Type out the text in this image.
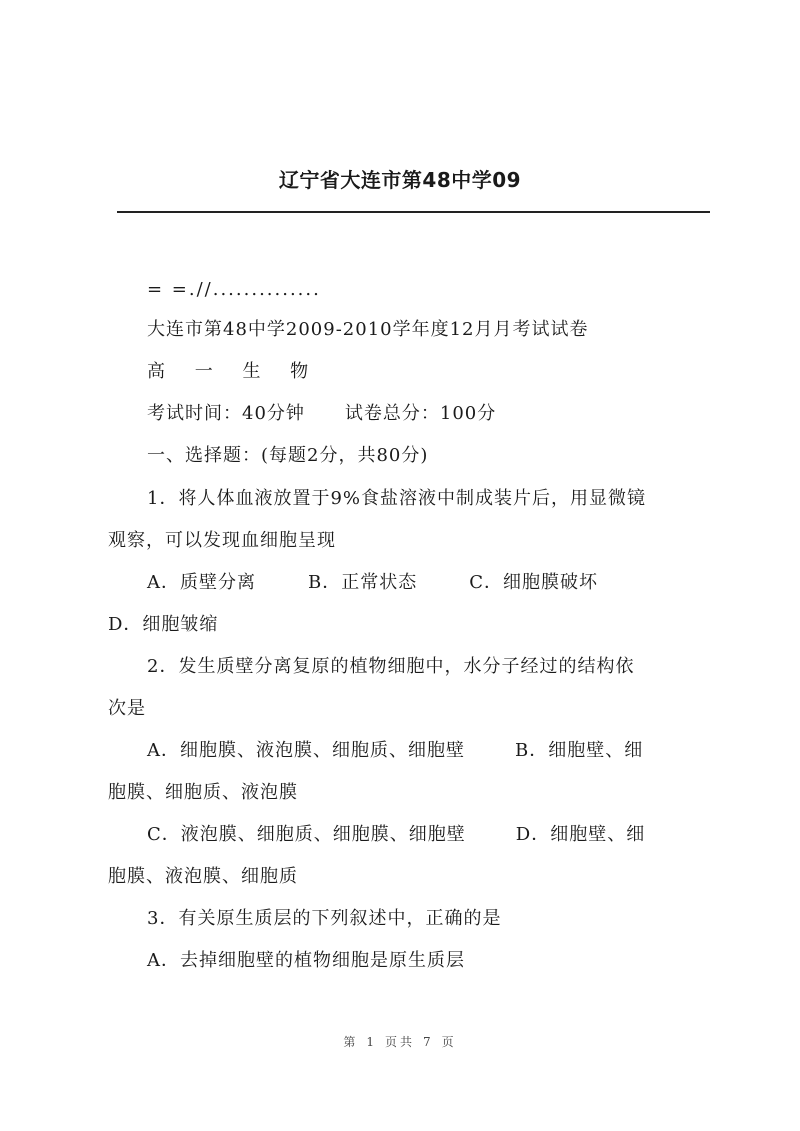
辽宁省大连市第48中学09
= =.//..............
大连市第48中学2009-2010学年度12月月考试试卷
高 一 生 物
考试时间：40分钟 试卷总分：100分
一、选择题：(每题2分，共80分)
1．将人体血液放置于9%食盐溶液中制成装片后，用显微镜
观察，可以发现血细胞呈现
A．质壁分离	B．正常状态	C．细胞膜破坏
D．细胞皱缩
2．发生质壁分离复原的植物细胞中，水分子经过的结构依
次是
A．细胞膜、液泡膜、细胞质、细胞壁	B．细胞壁、细
胞膜、细胞质、液泡膜
C．液泡膜、细胞质、细胞膜、细胞壁	D．细胞壁、细
胞膜、液泡膜、细胞质
3．有关原生质层的下列叙述中，正确的是
A．去掉细胞壁的植物细胞是原生质层
第 1 页共 7 页
